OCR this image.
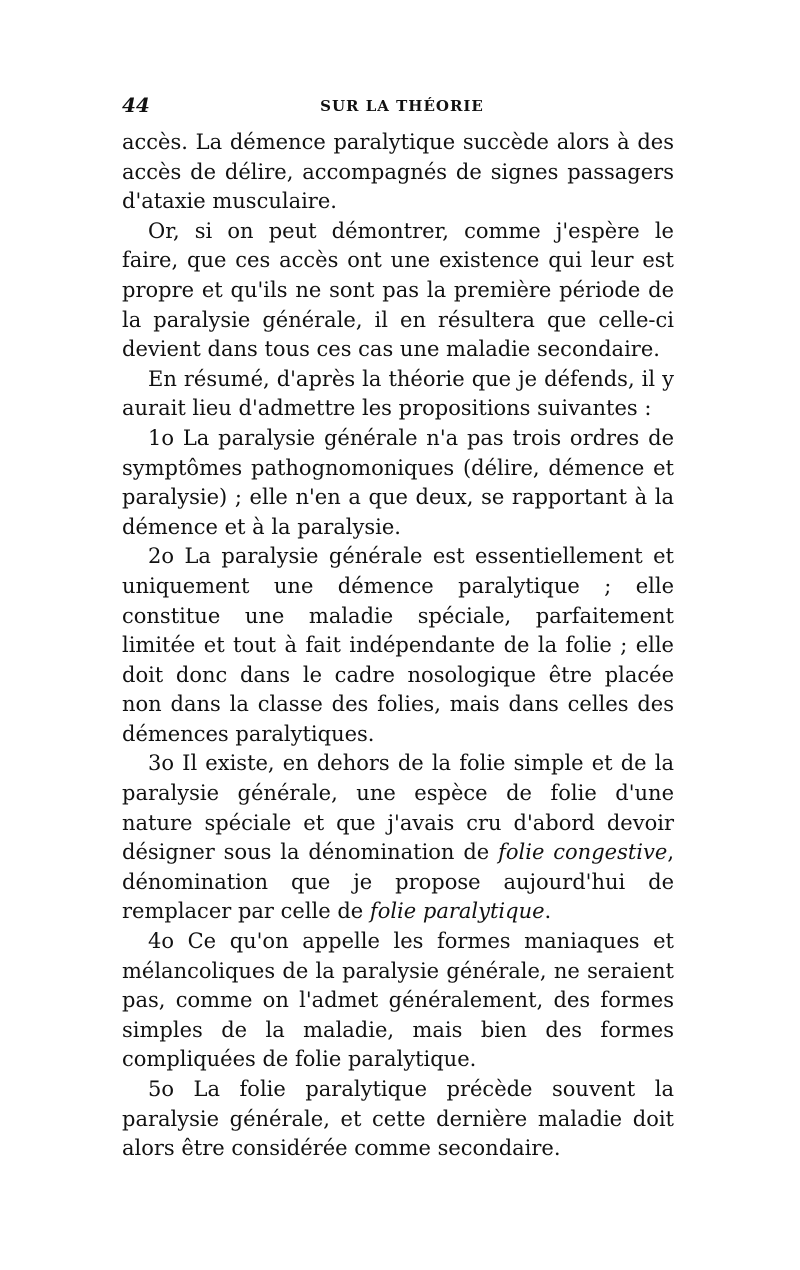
44	SUR LA THÉORIE

accès. La démence paralytique succède alors à des accès de délire, accompagnés de signes passagers d'ataxie musculaire.

Or, si on peut démontrer, comme j'espère le faire, que ces accès ont une existence qui leur est propre et qu'ils ne sont pas la première période de la paralysie générale, il en résultera que celle-ci devient dans tous ces cas une maladie secondaire.

En résumé, d'après la théorie que je défends, il y aurait lieu d'admettre les propositions suivantes :

1o La paralysie générale n'a pas trois ordres de symptômes pathognomoniques (délire, démence et paralysie) ; elle n'en a que deux, se rapportant à la démence et à la paralysie.

2o La paralysie générale est essentiellement et uniquement une démence paralytique ; elle constitue une maladie spéciale, parfaitement limitée et tout à fait indépendante de la folie ; elle doit donc dans le cadre nosologique être placée non dans la classe des folies, mais dans celles des démences paralytiques.

3o Il existe, en dehors de la folie simple et de la paralysie générale, une espèce de folie d'une nature spéciale et que j'avais cru d'abord devoir désigner sous la dénomination de folie congestive, dénomination que je propose aujourd'hui de remplacer par celle de folie paralytique.

4o Ce qu'on appelle les formes maniaques et mélancoliques de la paralysie générale, ne seraient pas, comme on l'admet généralement, des formes simples de la maladie, mais bien des formes compliquées de folie paralytique.

5o La folie paralytique précède souvent la paralysie générale, et cette dernière maladie doit alors être considérée comme secondaire.
